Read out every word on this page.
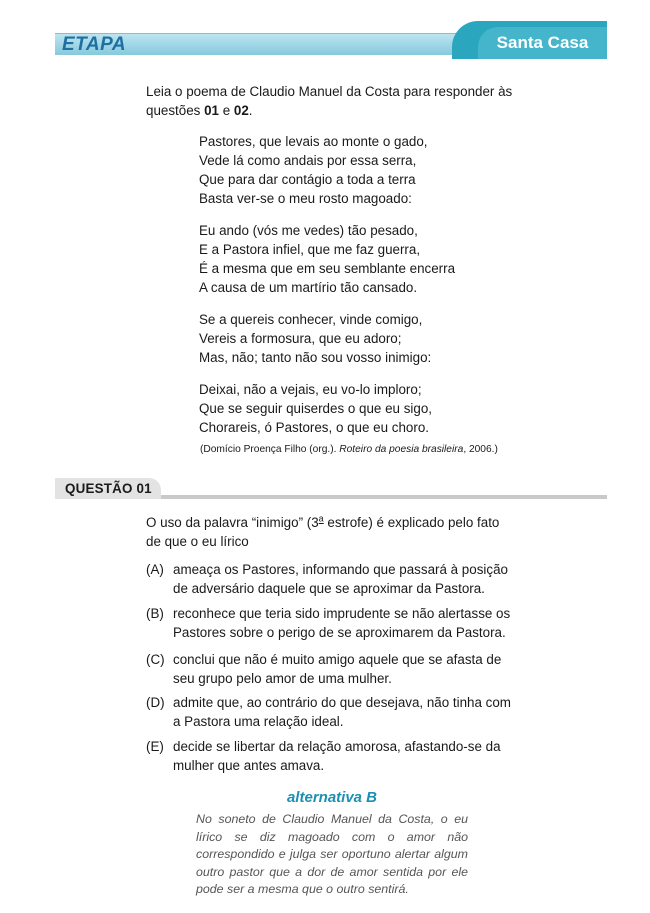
ETAPA	Santa Casa
Leia o poema de Claudio Manuel da Costa para responder às questões 01 e 02.
Pastores, que levais ao monte o gado,
Vede lá como andais por essa serra,
Que para dar contágio a toda a terra
Basta ver-se o meu rosto magoado:
Eu ando (vós me vedes) tão pesado,
E a Pastora infiel, que me faz guerra,
É a mesma que em seu semblante encerra
A causa de um martírio tão cansado.
Se a quereis conhecer, vinde comigo,
Vereis a formosura, que eu adoro;
Mas, não; tanto não sou vosso inimigo:
Deixai, não a vejais, eu vo-lo imploro;
Que se seguir quiserdes o que eu sigo,
Chorareis, ó Pastores, o que eu choro.
(Domício Proença Filho (org.). Roteiro da poesia brasileira, 2006.)
QUESTÃO 01
O uso da palavra “inimigo” (3$^a$ estrofe) é explicado pelo fato de que o eu lírico
(A) ameaça os Pastores, informando que passará à posição de adversário daquele que se aproximar da Pastora.
(B) reconhece que teria sido imprudente se não alertasse os Pastores sobre o perigo de se aproximarem da Pastora.
(C) conclui que não é muito amigo aquele que se afasta de seu grupo pelo amor de uma mulher.
(D) admite que, ao contrário do que desejava, não tinha com a Pastora uma relação ideal.
(E) decide se libertar da relação amorosa, afastando-se da mulher que antes amava.
alternativa B
No soneto de Claudio Manuel da Costa, o eu lírico se diz magoado com o amor não correspondido e julga ser oportuno alertar algum outro pastor que a dor de amor sentida por ele pode ser a mesma que o outro sentirá.
